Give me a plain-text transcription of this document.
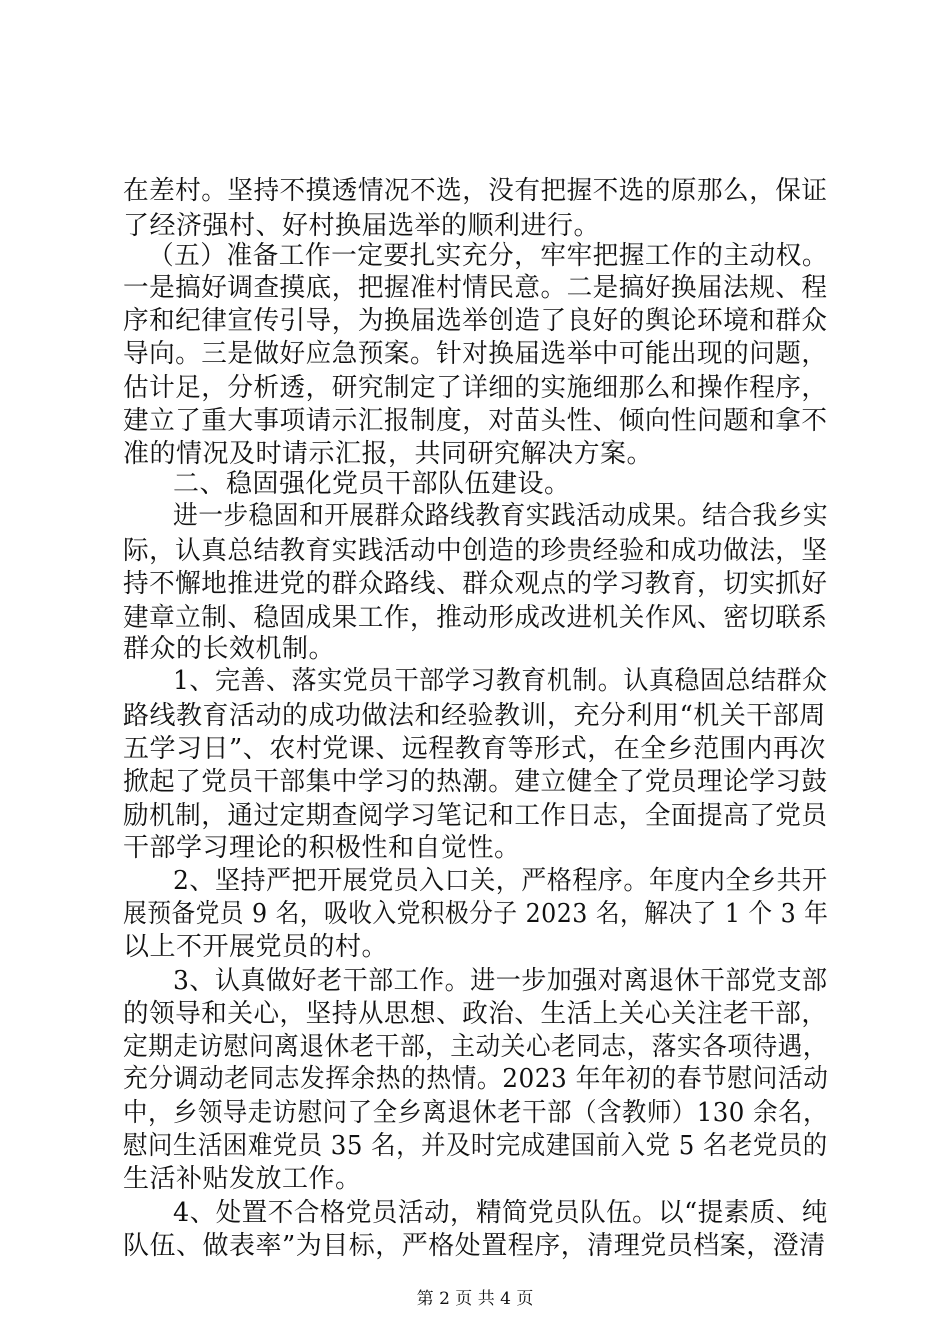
在差村。坚持不摸透情况不选，没有把握不选的原那么，保证
了经济强村、好村换届选举的顺利进行。
（五）准备工作一定要扎实充分，牢牢把握工作的主动权。
一是搞好调查摸底，把握准村情民意。二是搞好换届法规、程
序和纪律宣传引导，为换届选举创造了良好的舆论环境和群众
导向。三是做好应急预案。针对换届选举中可能出现的问题，
估计足，分析透，研究制定了详细的实施细那么和操作程序，
建立了重大事项请示汇报制度，对苗头性、倾向性问题和拿不
准的情况及时请示汇报，共同研究解决方案。
二、稳固强化党员干部队伍建设。
进一步稳固和开展群众路线教育实践活动成果。结合我乡实
际，认真总结教育实践活动中创造的珍贵经验和成功做法，坚
持不懈地推进党的群众路线、群众观点的学习教育，切实抓好
建章立制、稳固成果工作，推动形成改进机关作风、密切联系
群众的长效机制。
1、完善、落实党员干部学习教育机制。认真稳固总结群众
路线教育活动的成功做法和经验教训，充分利用“机关干部周
五学习日”、农村党课、远程教育等形式，在全乡范围内再次
掀起了党员干部集中学习的热潮。建立健全了党员理论学习鼓
励机制，通过定期查阅学习笔记和工作日志，全面提高了党员
干部学习理论的积极性和自觉性。
2、坚持严把开展党员入口关，严格程序。年度内全乡共开
展预备党员 9 名，吸收入党积极分子 2023 名，解决了 1 个 3 年
以上不开展党员的村。
3、认真做好老干部工作。进一步加强对离退休干部党支部
的领导和关心，坚持从思想、政治、生活上关心关注老干部，
定期走访慰问离退休老干部，主动关心老同志，落实各项待遇，
充分调动老同志发挥余热的热情。2023 年年初的春节慰问活动
中，乡领导走访慰问了全乡离退休老干部（含教师）130 余名，
慰问生活困难党员 35 名，并及时完成建国前入党 5 名老党员的
生活补贴发放工作。
4、处置不合格党员活动，精简党员队伍。以“提素质、纯
队伍、做表率”为目标，严格处置程序，清理党员档案，澄清
第 2 页 共 4 页
